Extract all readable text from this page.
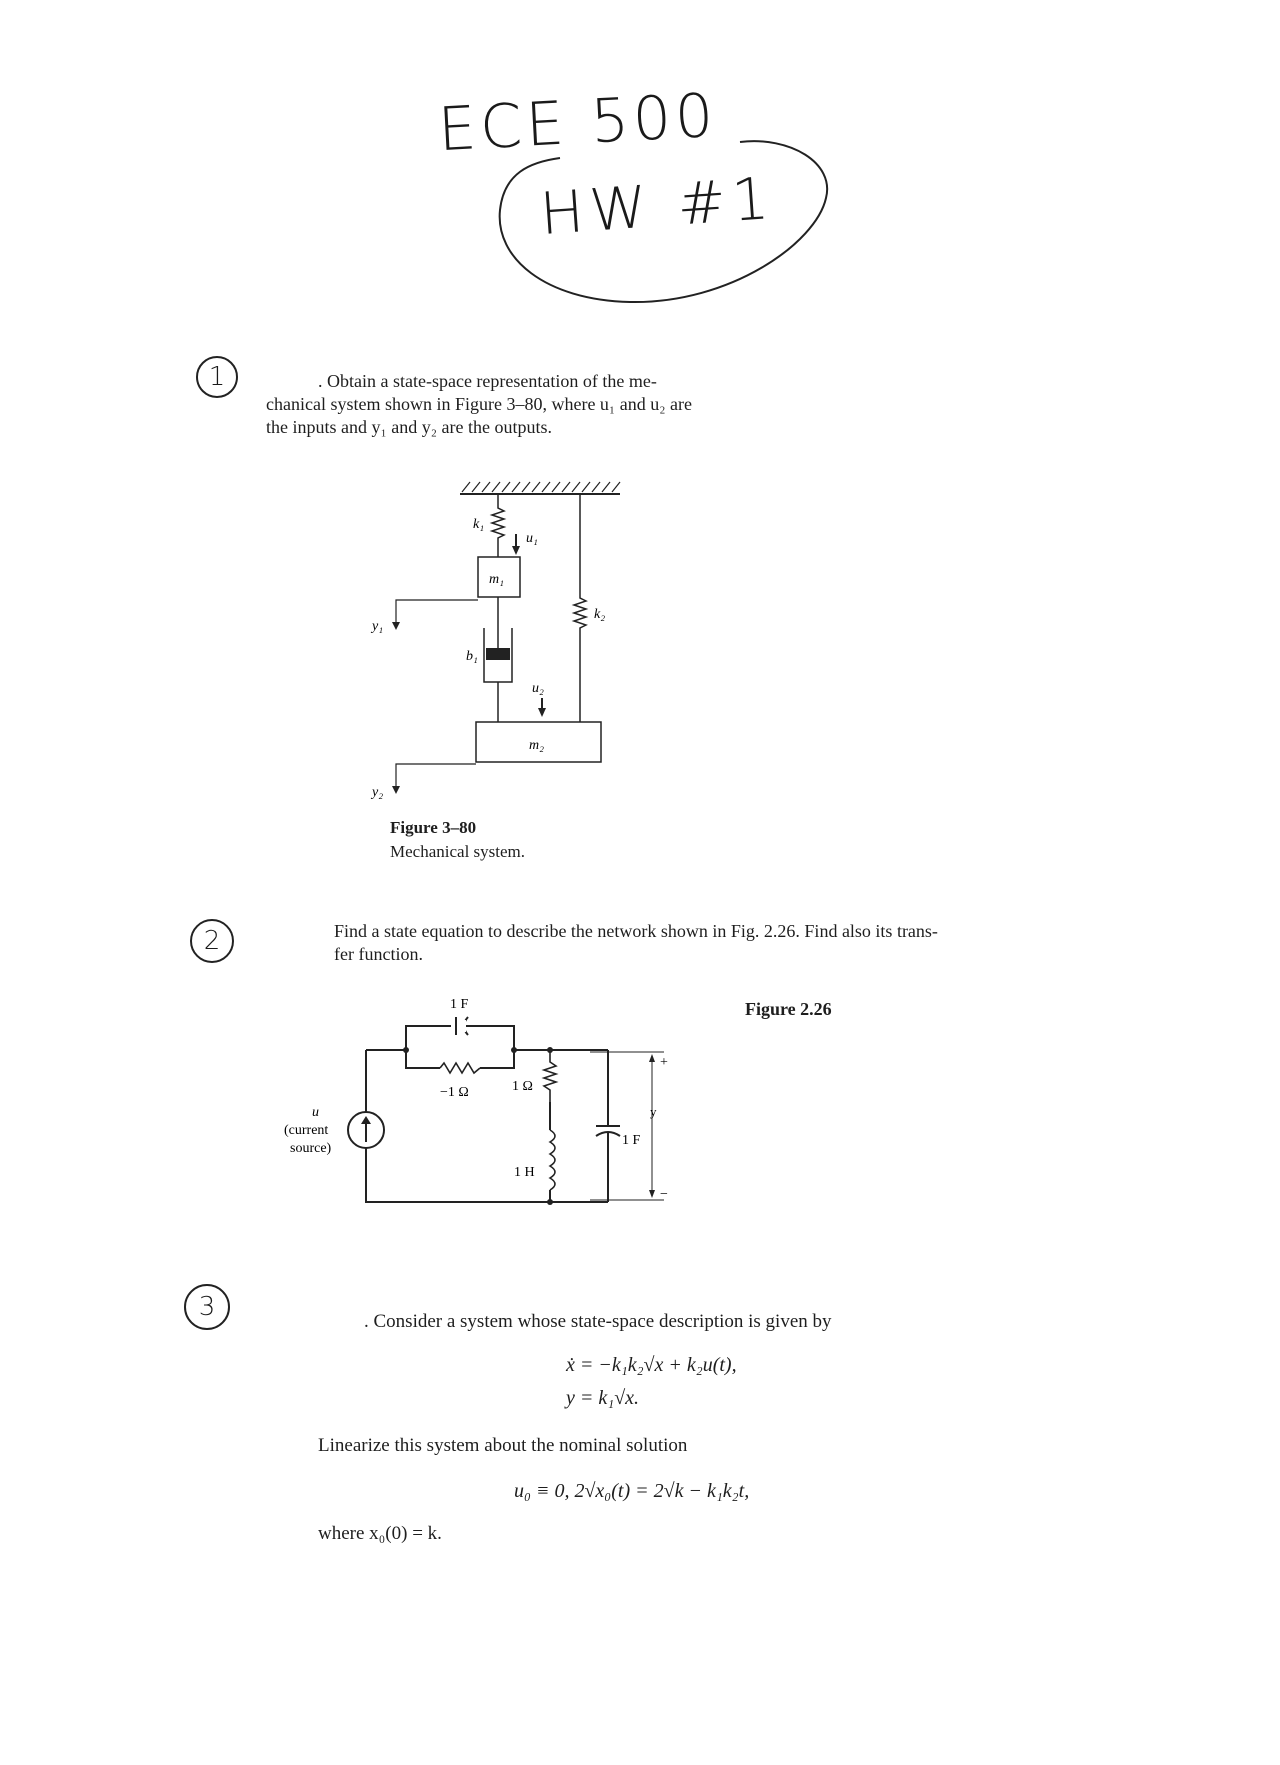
ECE 500
HW #1
1	. Obtain a state-space representation of the me-
chanical system shown in Figure 3–80, where u₁ and u₂ are
the inputs and y₁ and y₂ are the outputs.
k₁
u₁
m₁
y₁
b₁
u₂
k₂
m₂
y₂
Figure 3–80
Mechanical system.
2	Find a state equation to describe the network shown in Fig. 2.26. Find also its trans-
fer function.
Figure 2.26
1 F
−1 Ω	1 Ω
1 H
1 F
+
y
−
u
(current
source)
3	. Consider a system whose state-space description is given by
ẋ = −k₁k₂√x + k₂u(t),
y = k₁√x.
Linearize this system about the nominal solution
u₀ ≡ 0, 2√x₀(t) = 2√k − k₁k₂t,
where x₀(0) = k.
